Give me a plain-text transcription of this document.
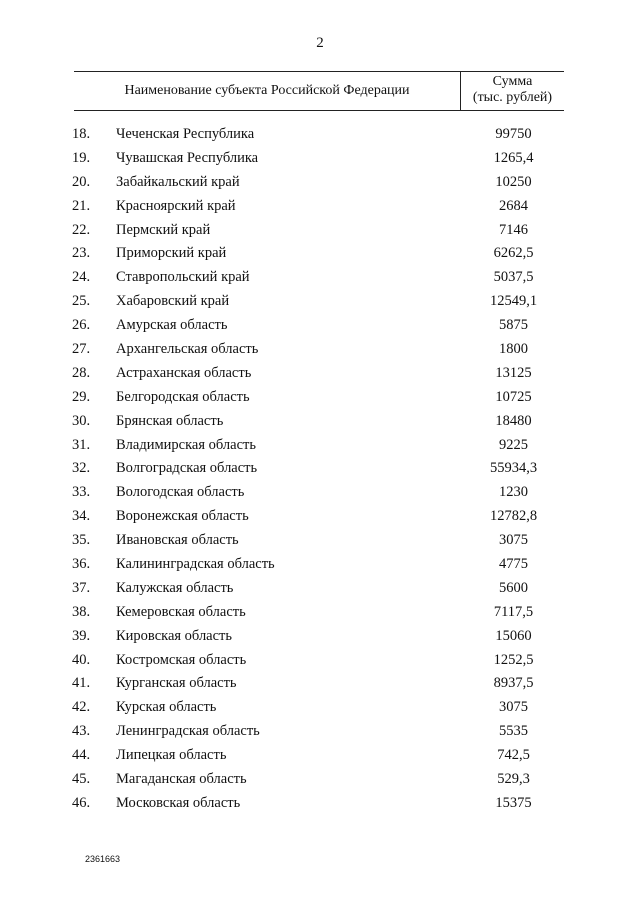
2
Наименование субъекта Российской Федерации
Сумма
(тыс. рублей)
18.	Чеченская Республика	99750
19.	Чувашская Республика	1265,4
20.	Забайкальский край	10250
21.	Красноярский край	2684
22.	Пермский край	7146
23.	Приморский край	6262,5
24.	Ставропольский край	5037,5
25.	Хабаровский край	12549,1
26.	Амурская область	5875
27.	Архангельская область	1800
28.	Астраханская область	13125
29.	Белгородская область	10725
30.	Брянская область	18480
31.	Владимирская область	9225
32.	Волгоградская область	55934,3
33.	Вологодская область	1230
34.	Воронежская область	12782,8
35.	Ивановская область	3075
36.	Калининградская область	4775
37.	Калужская область	5600
38.	Кемеровская область	7117,5
39.	Кировская область	15060
40.	Костромская область	1252,5
41.	Курганская область	8937,5
42.	Курская область	3075
43.	Ленинградская область	5535
44.	Липецкая область	742,5
45.	Магаданская область	529,3
46.	Московская область	15375
2361663
